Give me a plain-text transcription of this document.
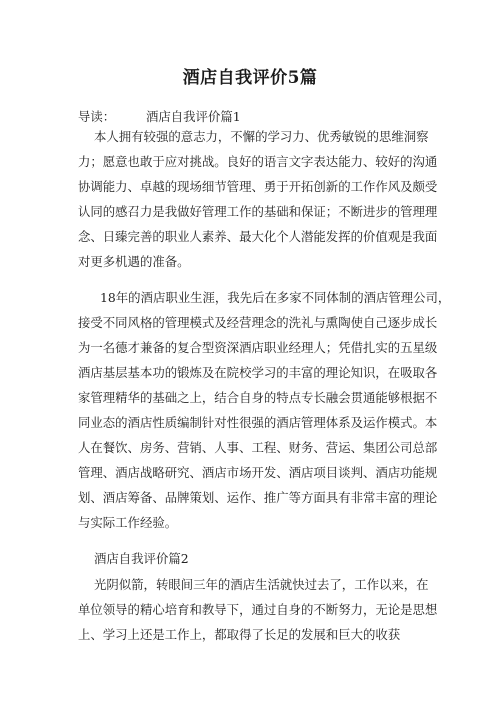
酒店自我评价5篇
导读： 酒店自我评价篇1
本人拥有较强的意志力，不懈的学习力、优秀敏锐的思维洞察
力；愿意也敢于应对挑战。良好的语言文字表达能力、较好的沟通
协调能力、卓越的现场细节管理、勇于开拓创新的工作作风及颇受
认同的感召力是我做好管理工作的基础和保证；不断进步的管理理
念、日臻完善的职业人素养、最大化个人潜能发挥的价值观是我面
对更多机遇的准备。
18年的酒店职业生涯，我先后在多家不同体制的酒店管理公司，
接受不同风格的管理模式及经营理念的洗礼与熏陶使自己逐步成长
为一名德才兼备的复合型资深酒店职业经理人；凭借扎实的五星级
酒店基层基本功的锻炼及在院校学习的丰富的理论知识，在吸取各
家管理精华的基础之上，结合自身的特点专长融会贯通能够根据不
同业态的酒店性质编制针对性很强的酒店管理体系及运作模式。本
人在餐饮、房务、营销、人事、工程、财务、营运、集团公司总部
管理、酒店战略研究、酒店市场开发、酒店项目谈判、酒店功能规
划、酒店筹备、品牌策划、运作、推广等方面具有非常丰富的理论
与实际工作经验。
酒店自我评价篇2
光阴似箭，转眼间三年的酒店生活就快过去了，工作以来，在
单位领导的精心培育和教导下，通过自身的不断努力，无论是思想
上、学习上还是工作上，都取得了长足的发展和巨大的收获
